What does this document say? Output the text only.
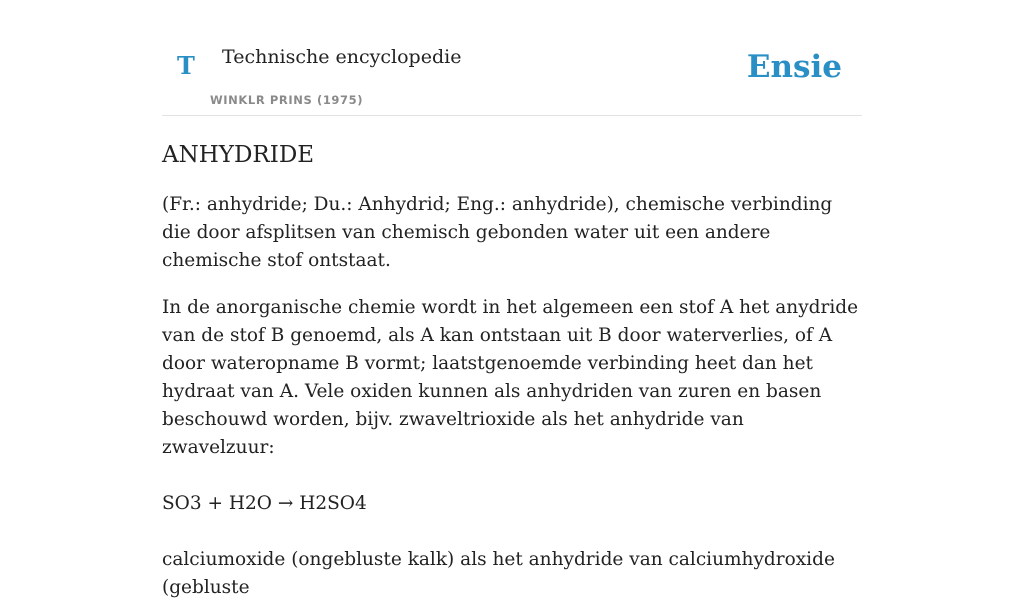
T Technische encyclopedie
WINKLR PRINS (1975)
Ensie
ANHYDRIDE

(Fr.: anhydride; Du.: Anhydrid; Eng.: anhydride), chemische verbinding die door afsplitsen van chemisch gebonden water uit een andere chemische stof ontstaat.

In de anorganische chemie wordt in het algemeen een stof A het anydride van de stof B genoemd, als A kan ontstaan uit B door waterverlies, of A door wateropname B vormt; laatstgenoemde verbinding heet dan het hydraat van A. Vele oxiden kunnen als anhydriden van zuren en basen beschouwd worden, bijv. zwaveltrioxide als het anhydride van zwavelzuur:
SO3 + H2O → H2SO4
calciumoxide (ongebluste kalk) als het anhydride van calciumhydroxide (gebluste
